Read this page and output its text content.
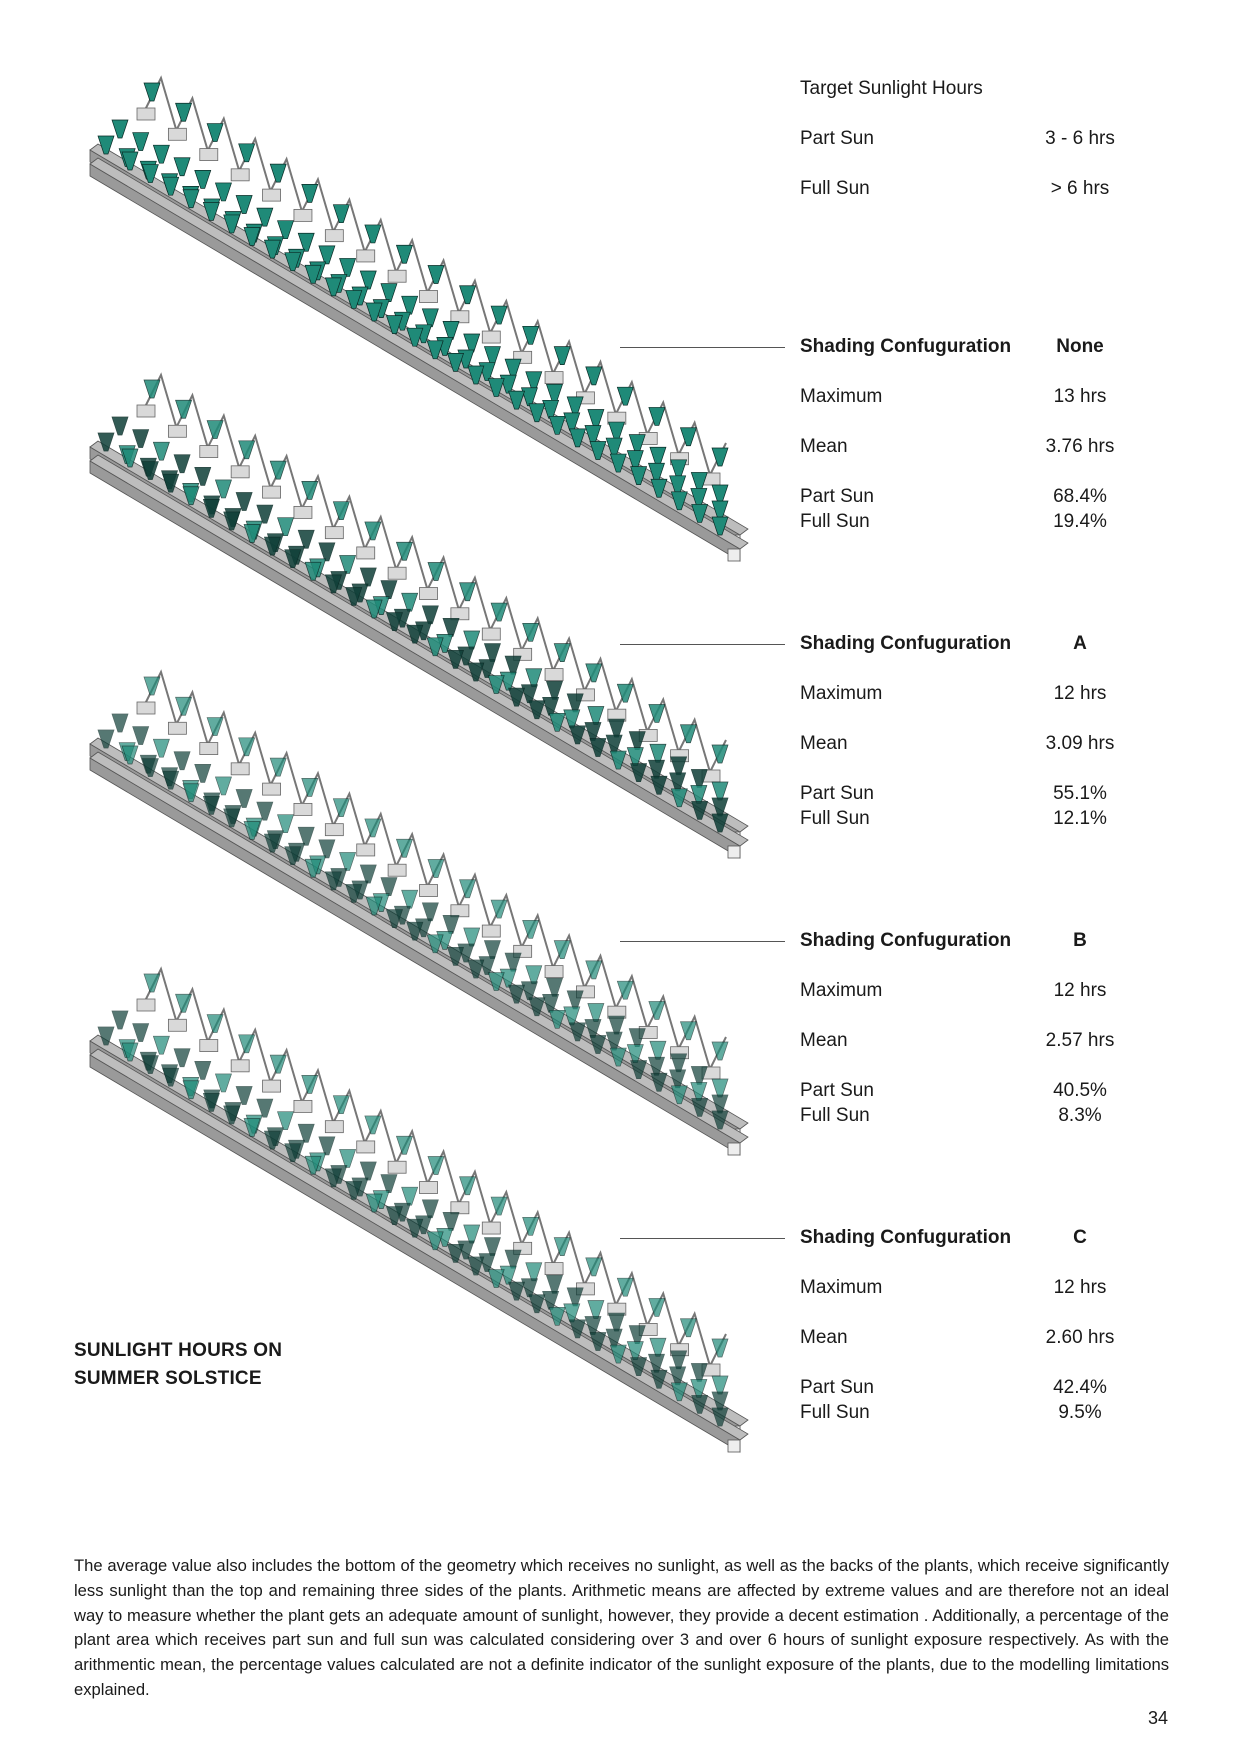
Target Sunlight Hours
Part Sun	3 - 6 hrs
Full Sun	> 6 hrs
Shading Confuguration	None
Maximum	13 hrs
Mean	3.76 hrs
Part Sun	68.4%
Full Sun	19.4%
Shading Confuguration	A
Maximum	12 hrs
Mean	3.09 hrs
Part Sun	55.1%
Full Sun	12.1%
Shading Confuguration	B
Maximum	12 hrs
Mean	2.57 hrs
Part Sun	40.5%
Full Sun	8.3%
Shading Confuguration	C
Maximum	12 hrs
Mean	2.60 hrs
Part Sun	42.4%
Full Sun	9.5%
SUNLIGHT HOURS ON
SUMMER SOLSTICE
The average value also includes the bottom of the geometry which receives no sunlight, as well as the backs of the plants, which receive significantly less sunlight than the top and remaining three sides of the plants. Arithmetic means are affected by extreme values and are therefore not an ideal way to measure whether the plant gets an adequate amount of sunlight, however, they provide a decent estimation . Additionally, a percentage of the plant area which receives part sun and full sun was calculated considering over 3 and over 6 hours of sunlight exposure respectively. As with the arithmentic mean, the percentage values calculated are not a definite indicator of the sunlight exposure of the plants, due to the modelling limitations explained.
34
